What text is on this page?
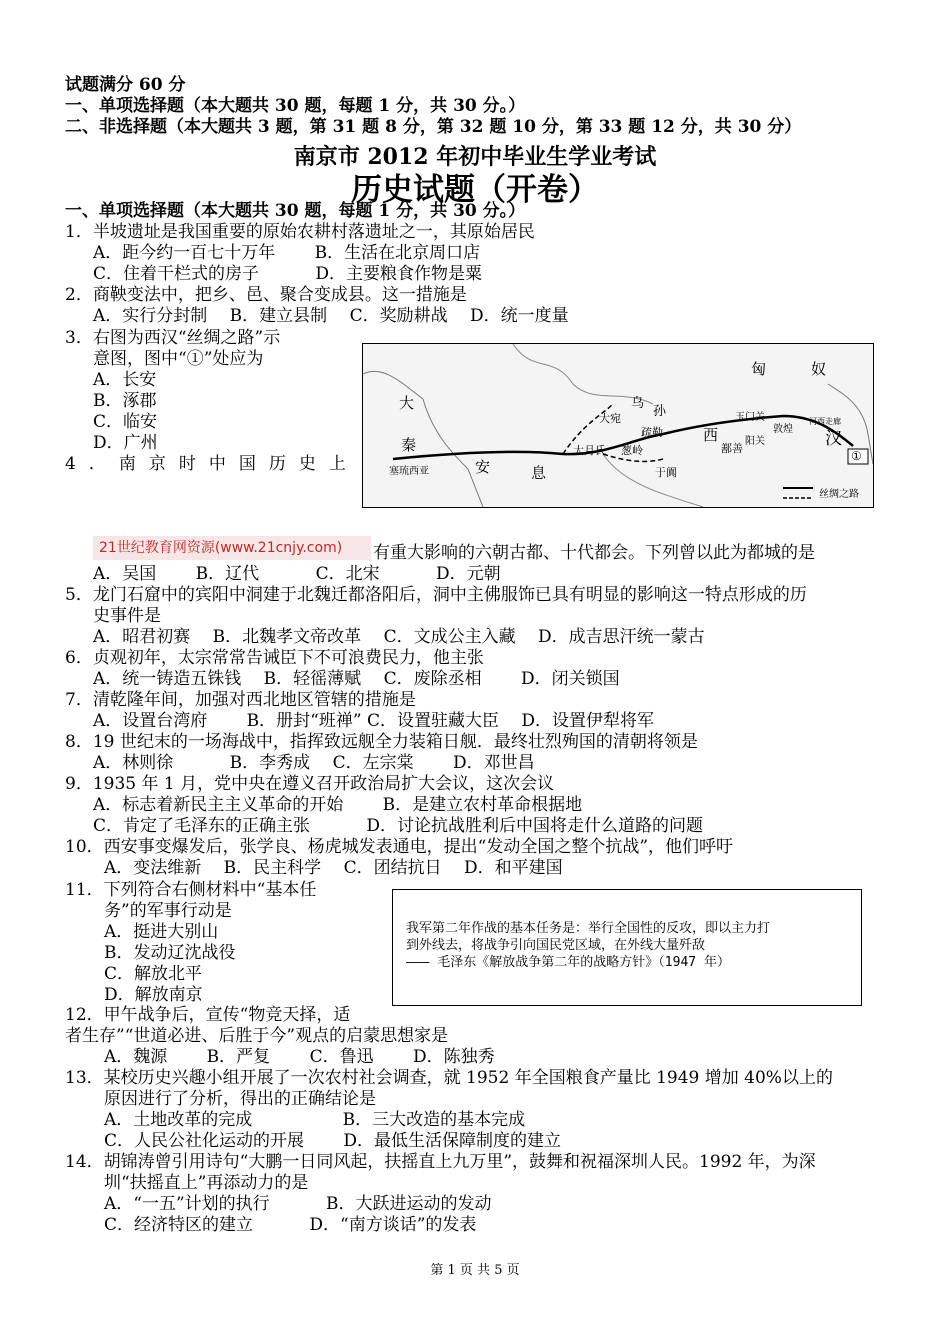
试题满分 60 分
一、单项选择题（本大题共 30 题，每题 1 分，共 30 分。）
二、非选择题（本大题共 3 题，第 31 题 8 分，第 32 题 10 分，第 33 题 12 分，共 30 分）
南京市 2012 年初中毕业生学业考试
历史试题（开卷）
一、单项选择题（本大题共 30 题，每题 1 分，共 30 分。）
1．半坡遗址是我国重要的原始农耕村落遗址之一，其原始居民
A．距今约一百七十万年 　　B．生活在北京周口店
C．住着干栏式的房子 　　　D．主要粮食作物是粟
2．商鞅变法中，把乡、邑、聚合变成县。这一措施是
A．实行分封制 　B．建立县制 　C．奖励耕战 　D．统一度量
3．右图为西汉“丝绸之路”示
意图，图中“①”处应为
A．长安
B．涿郡
C．临安
D．广州
匈	奴
大
秦
安	息
大宛
乌
孙
疏勒
大月氏 葱岭
于阗
西
鄯善
玉门关
阳关
敦煌
河西走廊
汉
①
塞琉西亚
丝绸之路
4．南京时中国历史上
21世纪教育网资源(www.21cnjy.com)	有重大影响的六朝古都、十代都会。下列曾以此为都城的是
A．吴国 　　B．辽代 　　　C．北宋 　　　D．元朝
5．龙门石窟中的宾阳中洞建于北魏迁都洛阳后，洞中主佛服饰已具有明显的影响这一特点形成的历
史事件是
A．昭君初赛 　B．北魏孝文帝改革 　C．文成公主入藏 　D．成吉思汗统一蒙古
6．贞观初年，太宗常常告诫臣下不可浪费民力，他主张
A．统一铸造五铢钱 　B．轻徭薄赋 　C．废除丞相 　　D．闭关锁国
7．清乾隆年间，加强对西北地区管辖的措施是
A．设置台湾府 　　B．册封“班禅” C．设置驻藏大臣 　D．设置伊犁将军
8．19 世纪末的一场海战中，指挥致远舰全力装箱日舰．最终壮烈殉国的清朝将领是
A．林则徐 　　　B．李秀成 　C．左宗棠 　　D．邓世昌
9．1935 年 1 月，党中央在遵义召开政治局扩大会议，这次会议
A．标志着新民主主义革命的开始 　　B．是建立农村革命根据地
C．肯定了毛泽东的正确主张 　　　D．讨论抗战胜利后中国将走什么道路的问题
10．西安事变爆发后，张学良、杨虎城发表通电，提出“发动全国之整个抗战”，他们呼吁
A．变法维新 　B．民主科学 　C．团结抗日 　D．和平建国
11．下列符合右侧材料中“基本任
务”的军事行动是
A．挺进大别山
B．发动辽沈战役
C．解放北平
D．解放南京
我军第二年作战的基本任务是：举行全国性的反攻，即以主力打
到外线去，将战争引向国民党区域，在外线大量歼敌
——— 毛泽东《解放战争第二年的战略方针》（1947 年）
12．甲午战争后，宣传“物竞天择，适
者生存”“世道必进、后胜于今”观点的启蒙思想家是
A．魏源 　　B．严复 　　C．鲁迅 　　D．陈独秀
13．某校历史兴趣小组开展了一次农村社会调查，就 1952 年全国粮食产量比 1949 增加 40%以上的
原因进行了分析，得出的正确结论是
A．土地改革的完成 　　　　　B．三大改造的基本完成
C．人民公社化运动的开展 　　D．最低生活保障制度的建立
14．胡锦涛曾引用诗句“大鹏一日同风起，扶摇直上九万里”，鼓舞和祝福深圳人民。1992 年，为深
圳“扶摇直上”再添动力的是
A．“一五”计划的执行 　　　B．大跃进运动的发动
C．经济特区的建立 　　　D．“南方谈话”的发表
第 1 页 共 5 页
